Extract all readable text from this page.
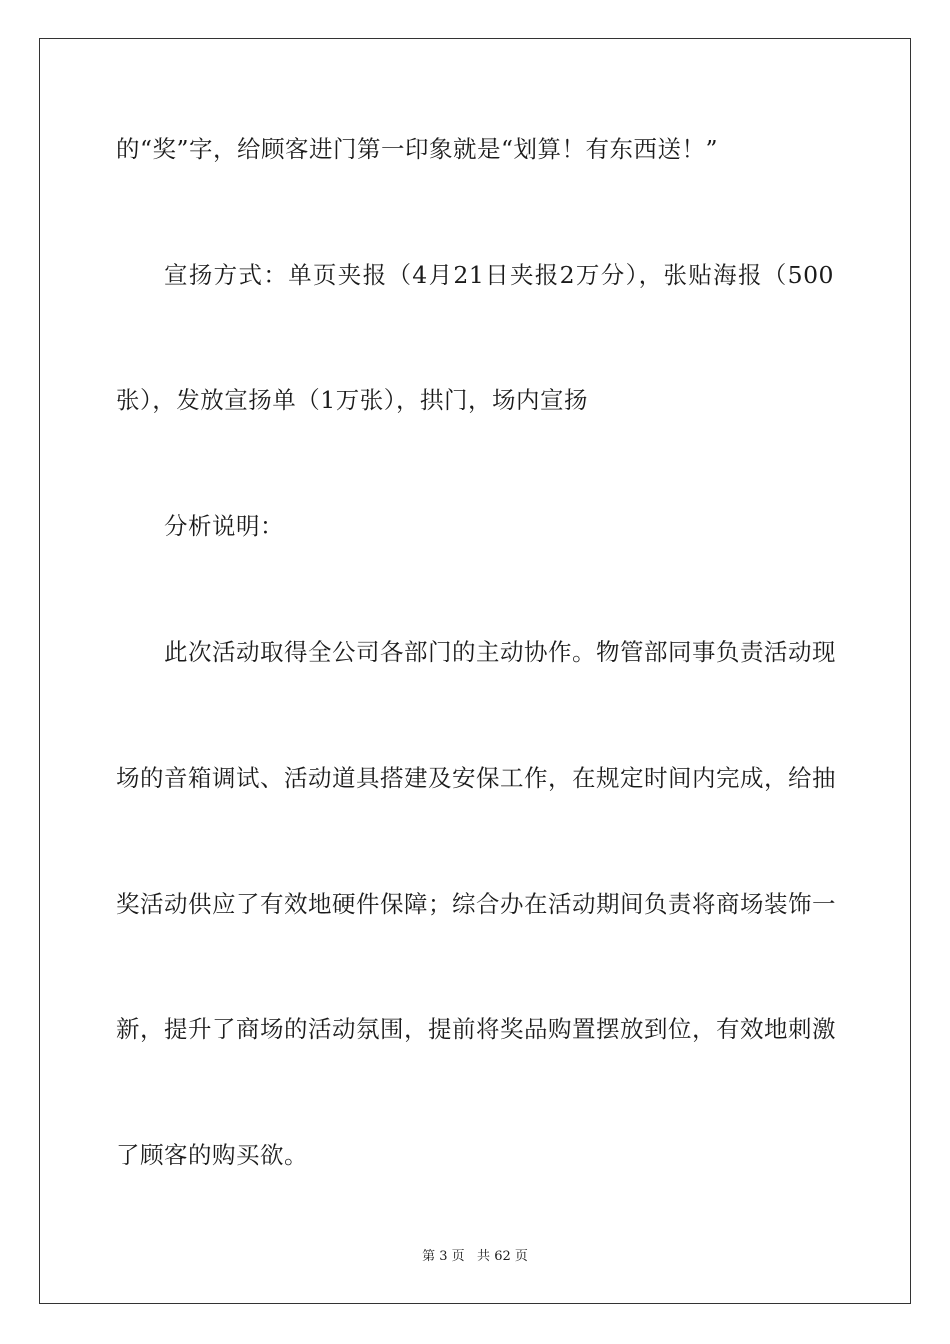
的“奖”字，给顾客进门第一印象就是“划算！有东西送！”
宣扬方式：单页夹报（4月21日夹报2万分），张贴海报（500
张），发放宣扬单（1万张），拱门，场内宣扬
分析说明：
此次活动取得全公司各部门的主动协作。物管部同事负责活动现
场的音箱调试、活动道具搭建及安保工作，在规定时间内完成，给抽
奖活动供应了有效地硬件保障；综合办在活动期间负责将商场装饰一
新，提升了商场的活动氛围，提前将奖品购置摆放到位，有效地刺激
了顾客的购买欲。
第 3 页   共 62 页
